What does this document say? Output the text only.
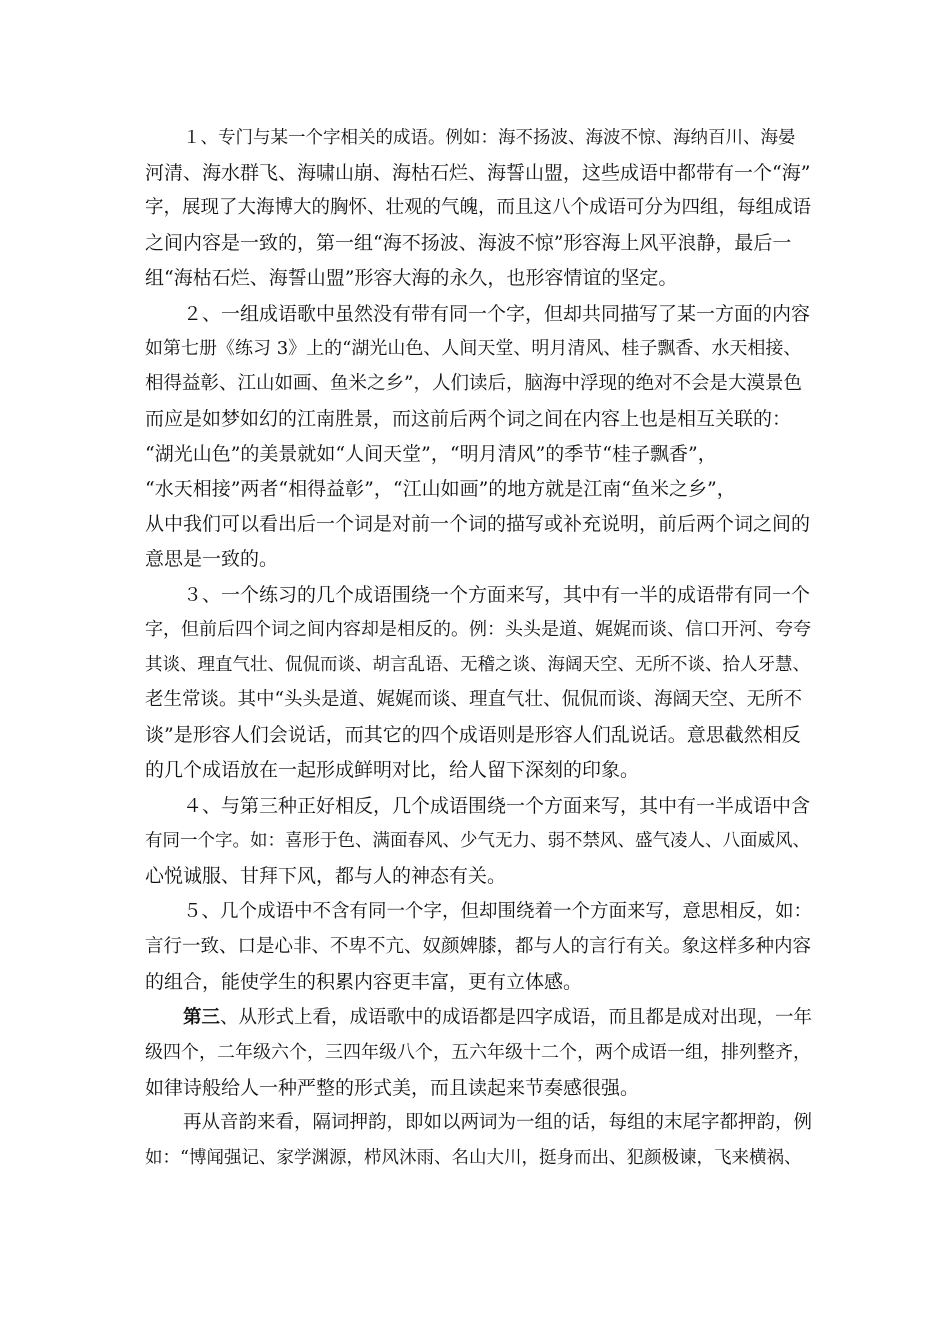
１、专门与某一个字相关的成语。例如：海不扬波、海波不惊、海纳百川、海晏
河清、海水群飞、海啸山崩、海枯石烂、海誓山盟，这些成语中都带有一个“海”
字，展现了大海博大的胸怀、壮观的气魄，而且这八个成语可分为四组，每组成语
之间内容是一致的，第一组“海不扬波、海波不惊”形容海上风平浪静，最后一
组“海枯石烂、海誓山盟”形容大海的永久，也形容情谊的坚定。
２、一组成语歌中虽然没有带有同一个字，但却共同描写了某一方面的内容
如第七册《练习 3》上的“湖光山色、人间天堂、明月清风、桂子飘香、水天相接、
相得益彰、江山如画、鱼米之乡”，人们读后，脑海中浮现的绝对不会是大漠景色
而应是如梦如幻的江南胜景，而这前后两个词之间在内容上也是相互关联的：
“湖光山色”的美景就如“人间天堂”，“明月清风”的季节“桂子飘香”，
“水天相接”两者“相得益彰”，“江山如画”的地方就是江南“鱼米之乡”，
从中我们可以看出后一个词是对前一个词的描写或补充说明，前后两个词之间的
意思是一致的。
３、一个练习的几个成语围绕一个方面来写，其中有一半的成语带有同一个
字，但前后四个词之间内容却是相反的。例：头头是道、娓娓而谈、信口开河、夸夸
其谈、理直气壮、侃侃而谈、胡言乱语、无稽之谈、海阔天空、无所不谈、拾人牙慧、
老生常谈。其中“头头是道、娓娓而谈、理直气壮、侃侃而谈、海阔天空、无所不
谈”是形容人们会说话，而其它的四个成语则是形容人们乱说话。意思截然相反
的几个成语放在一起形成鲜明对比，给人留下深刻的印象。
４、与第三种正好相反，几个成语围绕一个方面来写，其中有一半成语中含
有同一个字。如：喜形于色、满面春风、少气无力、弱不禁风、盛气凌人、八面威风、
心悦诚服、甘拜下风，都与人的神态有关。
５、几个成语中不含有同一个字，但却围绕着一个方面来写，意思相反，如：
言行一致、口是心非、不卑不亢、奴颜婢膝，都与人的言行有关。象这样多种内容
的组合，能使学生的积累内容更丰富，更有立体感。
第三、从形式上看，成语歌中的成语都是四字成语，而且都是成对出现，一年
级四个，二年级六个，三四年级八个，五六年级十二个，两个成语一组，排列整齐，
如律诗般给人一种严整的形式美，而且读起来节奏感很强。
再从音韵来看，隔词押韵，即如以两词为一组的话，每组的末尾字都押韵，例
如：“博闻强记、家学渊源，栉风沐雨、名山大川，挺身而出、犯颜极谏，飞来横祸、
